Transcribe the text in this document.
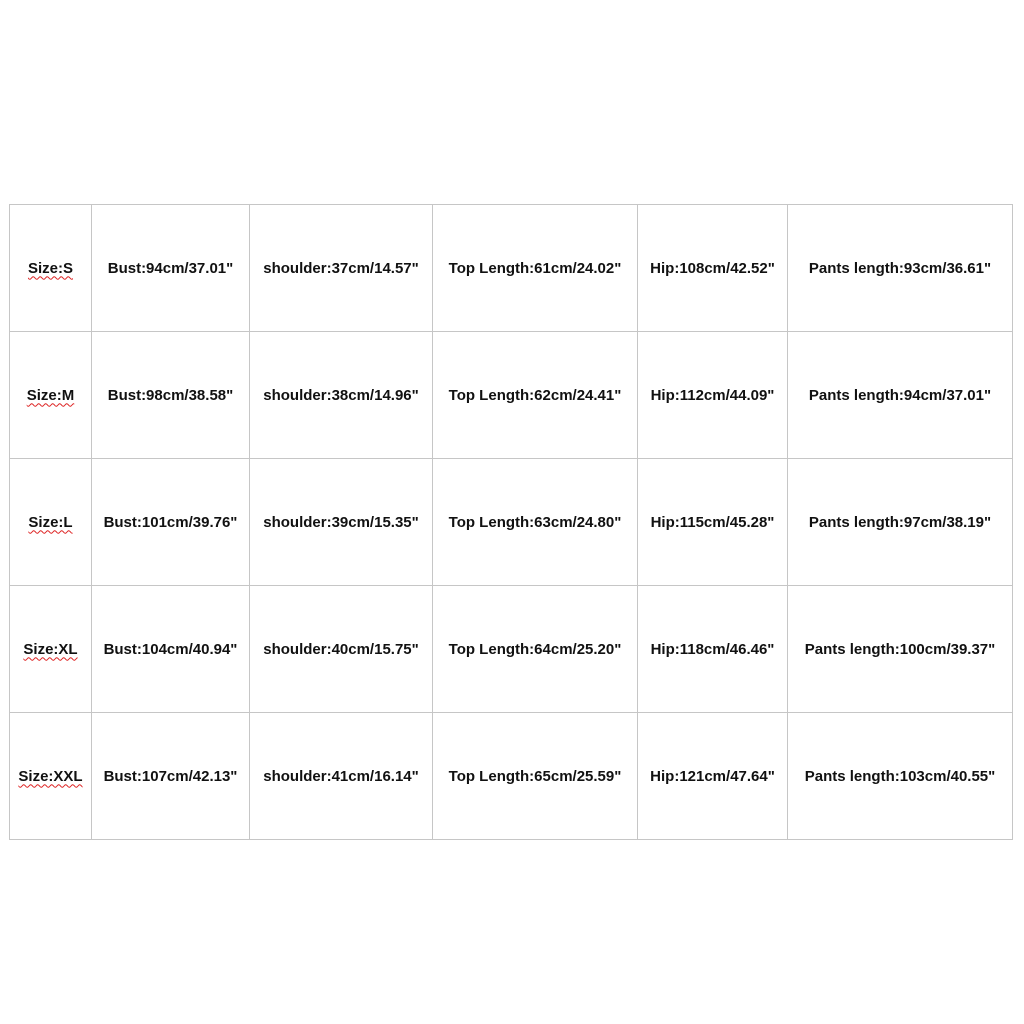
Size:S	Bust:94cm/37.01"	shoulder:37cm/14.57"	Top Length:61cm/24.02"	Hip:108cm/42.52"	Pants length:93cm/36.61"
Size:M	Bust:98cm/38.58"	shoulder:38cm/14.96"	Top Length:62cm/24.41"	Hip:112cm/44.09"	Pants length:94cm/37.01"
Size:L	Bust:101cm/39.76"	shoulder:39cm/15.35"	Top Length:63cm/24.80"	Hip:115cm/45.28"	Pants length:97cm/38.19"
Size:XL	Bust:104cm/40.94"	shoulder:40cm/15.75"	Top Length:64cm/25.20"	Hip:118cm/46.46"	Pants length:100cm/39.37"
Size:XXL	Bust:107cm/42.13"	shoulder:41cm/16.14"	Top Length:65cm/25.59"	Hip:121cm/47.64"	Pants length:103cm/40.55"
